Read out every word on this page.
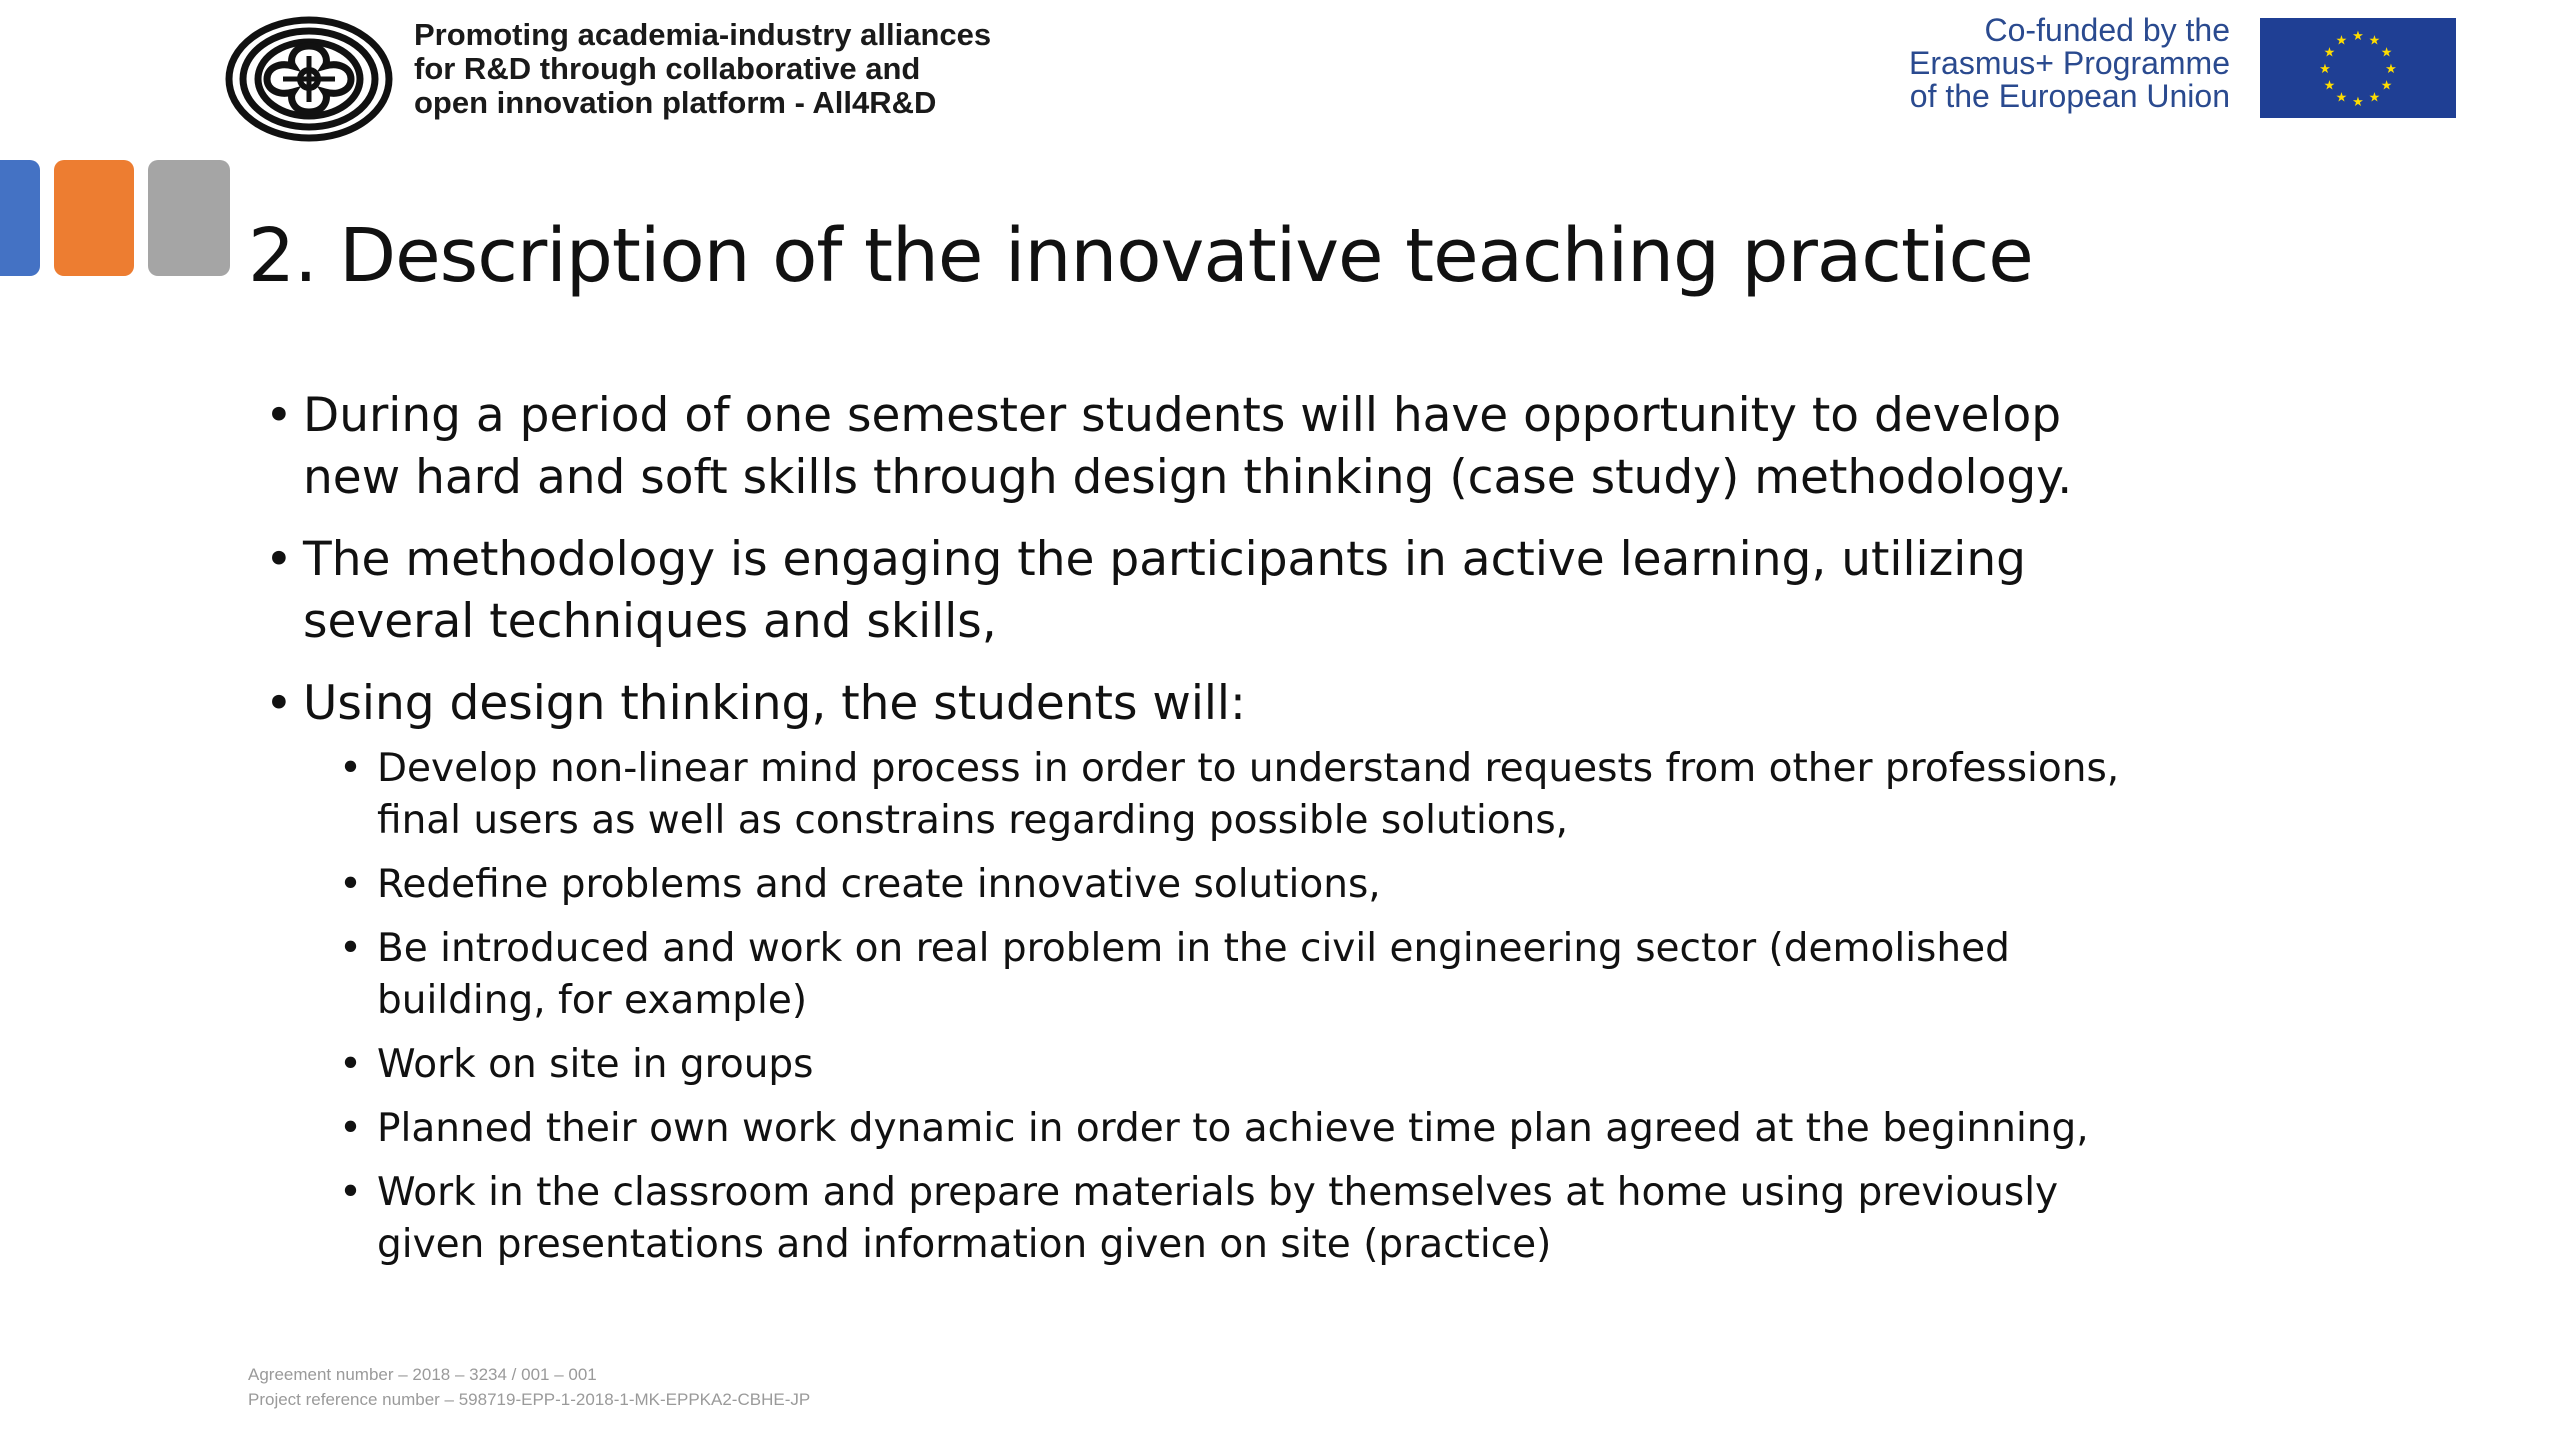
Promoting academia-industry alliances
for R&D through collaborative and
open innovation platform - All4R&D
Co-funded by the
Erasmus+ Programme
of the European Union
★ ★
★
★
★
★
★
★
★
★
★
★
2. Description of the innovative teaching practice
• During a period of one semester students will have opportunity to develop new hard and soft skills through design thinking (case study) methodology.
• The methodology is engaging the participants in active learning, utilizing several techniques and skills,
• Using design thinking, the students will:
• Develop non-linear mind process in order to understand requests from other professions, final users as well as constrains regarding possible solutions,
• Redefine problems and create innovative solutions,
• Be introduced and work on real problem in the civil engineering sector (demolished building, for example)
• Work on site in groups
• Planned their own work dynamic in order to achieve time plan agreed at the beginning,
• Work in the classroom and prepare materials by themselves at home using previously given presentations and information given on site (practice)
Agreement number – 2018 – 3234 / 001 – 001
Project reference number – 598719-EPP-1-2018-1-MK-EPPKA2-CBHE-JP
